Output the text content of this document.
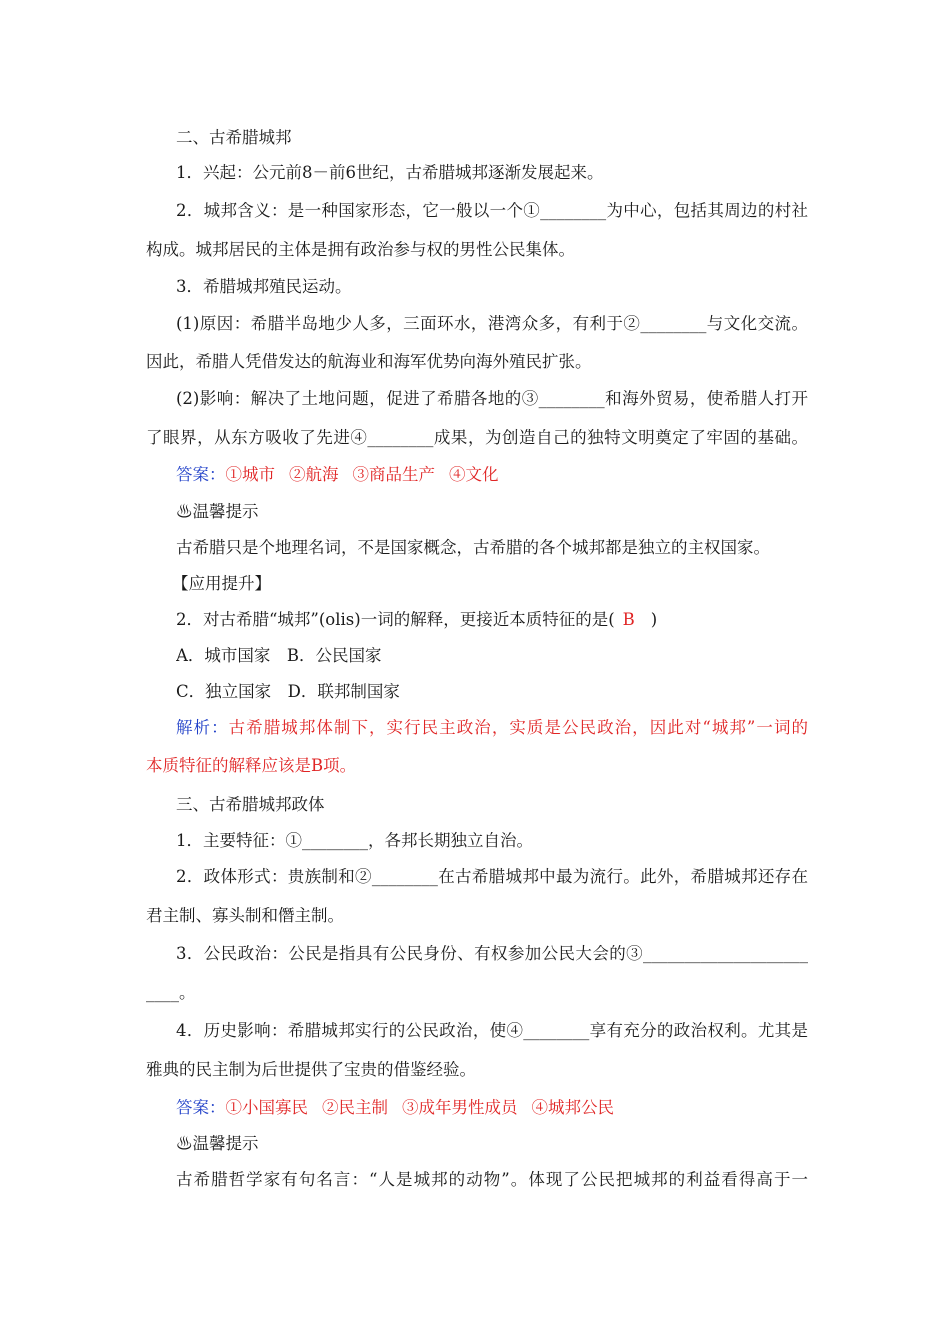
二、古希腊城邦
1．兴起：公元前8－前6世纪，古希腊城邦逐渐发展起来。
2．城邦含义：是一种国家形态，它一般以一个①________为中心，包括其周边的村社
构成。城邦居民的主体是拥有政治参与权的男性公民集体。
3．希腊城邦殖民运动。
(1)原因：希腊半岛地少人多，三面环水，港湾众多，有利于②________与文化交流。
因此，希腊人凭借发达的航海业和海军优势向海外殖民扩张。
(2)影响：解决了土地问题，促进了希腊各地的③________和海外贸易，使希腊人打开
了眼界，从东方吸收了先进④________成果，为创造自己的独特文明奠定了牢固的基础。
答案：①城市 ②航海 ③商品生产 ④文化
♨温馨提示
古希腊只是个地理名词，不是国家概念，古希腊的各个城邦都是独立的主权国家。
【应用提升】
2．对古希腊“城邦”(olis)一词的解释，更接近本质特征的是( B )
A．城市国家　B．公民国家
C．独立国家　D．联邦制国家
解析：古希腊城邦体制下，实行民主政治，实质是公民政治，因此对“城邦”一词的
本质特征的解释应该是B项。
三、古希腊城邦政体
1．主要特征：①________，各邦长期独立自治。
2．政体形式：贵族制和②________在古希腊城邦中最为流行。此外，希腊城邦还存在
君主制、寡头制和僭主制。
3．公民政治：公民是指具有公民身份、有权参加公民大会的③____________________
____。
4．历史影响：希腊城邦实行的公民政治，使④________享有充分的政治权利。尤其是
雅典的民主制为后世提供了宝贵的借鉴经验。
答案：①小国寡民 ②民主制 ③成年男性成员 ④城邦公民
♨温馨提示
古希腊哲学家有句名言：“人是城邦的动物”。体现了公民把城邦的利益看得高于一
